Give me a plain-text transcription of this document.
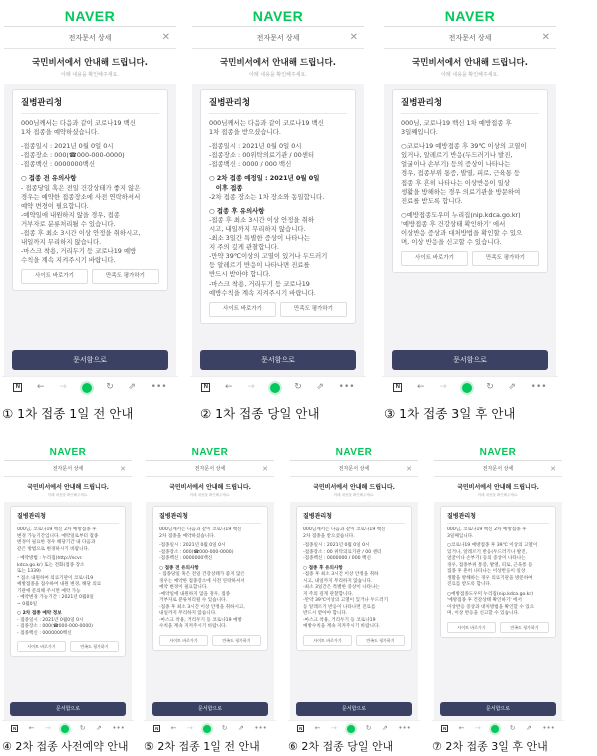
NAVER
전자문서 상세	✕
국민비서에서 안내해 드립니다.
아래 내용을 확인해주세요.
질병관리청
000님께서는 다음과 같이 코로나19 백신
1차 접종을 예약하셨습니다.
-접종일시 : 2021년 0월 0일 0시
-접종장소 : 000(☎000-000-0000)
-접종백신 : 0000000백신
○ 접종 전 유의사항
- 접종당일 혹은 전일 건강상태가 좋지 않은
경우는 예약한 접종장소에 사전 연락하셔서
예약 변경이 필요합니다.
-예약일에 내원하지 않을 경우, 접종
거부자로 분류처리될 수 있습니다.
-접종 후 최소 3시간 이상 안정을 취하시고,
내일까지 무리하지 않습니다.
-마스크 착용, 거리두기 등 코로나19 예방
수칙을 계속 지켜주시기 바랍니다.
사이트 바로가기	만족도 평가하기
문서함으로
N ← →	↻ ⇗ •••
① 1차 접종 1일 전 안내
NAVER
전자문서 상세	✕
국민비서에서 안내해 드립니다.
아래 내용을 확인해주세요.
질병관리청
000님께서는 다음과 같이 코로나19 백신
1차 접종을 받으셨습니다.
-접종일시 : 2021년 0월 0일 0시
-접종장소 : 00위탁의료기관 / 00센터
-접종백신 : 0000 / 000 백신
○ 2차 접종 예정일 : 2021년 0월 0일
이후 접종
-2차 접종 장소는 1차 장소와 동일합니다.
○ 접종 후 유의사항
-접종 후 최소 3시간 이상 안정을 취하
시고, 내일까지 무리하지 않습니다.
-최소 3일간 특별한 증상이 나타나는
지 주의 깊게 관찰합니다.
-만약 39℃이상의 고열이 있거나 두드러기
등 알레르기 반응이 나타나면 진료를
반드시 받아야 합니다.
-마스크 착용, 거리두기 등 코로나19
예방수칙을 계속 지켜주시기 바랍니다.
사이트 바로가기	만족도 평가하기
문서함으로
N ← →	↻ ⇗ •••
② 1차 접종 당일 안내
NAVER
전자문서 상세	✕
국민비서에서 안내해 드립니다.
아래 내용을 확인해주세요.
질병관리청
000님, 코로나19 백신 1차 예방접종 후
3일째입니다.
○코로나19 예방접종 후 39℃ 이상의 고열이
있거나, 알레르기 반응(두드러기나 발진,
얼굴이나 손부기) 등의 증상이 나타나는
경우, 접종부위 통증, 발열, 피로, 근육통 등
접종 후 흔히 나타나는 이상반응이 일상
생활을 방해하는 경우 의료기관을 방문하여
진료를 받도록 합니다.
○예방접종도우미 누리집(nip.kdca.go.kr)
'예방접종 후 건강상태 확인하기' 에서
이상반응 증상과 대처방법을 확인할 수 있으
며, 이상 반응을 신고할 수 있습니다.
사이트 바로가기	만족도 평가하기
문서함으로
N ← →	↻ ⇗ •••
③ 1차 접종 3일 후 안내
NAVER
전자문서 상세	✕
국민비서에서 안내해 드립니다.
아래 내용을 확인해주세요.
질병관리청
000님, 코로나19 백신 2차 예방접종 후
변경 가능기간입니다. 예약일로부터 접종
변경이 필요한 경우 해당기간 내 다음과
같은 방법으로 변경하시기 바랍니다.
- 예약방법 : 누리집(http://ncvr.
kdca.go.kr) 또는 전화(접종 장소
또는 1339)
* 접소 내원하여 의료기관이 코로나19
예방접종을 접수하여 내원 변경, 해당 의료
기관에 문의해 주시면 예약 가능
- 예약변경 가능기간 : 2021년 0월0일
~ 0월0일
○ 2차 접종 예약 정보
- 접종일시 : 2021년 0월0일 0시
- 접종장소 : 000(☎000-000-0000)
- 접종백신 : 0000000백신
사이트 바로가기	만족도 평가하기
문서함으로
N ← →	↻ ⇗ •••
④ 2차 접종 사전예약 안내
NAVER
전자문서 상세	✕
국민비서에서 안내해 드립니다.
아래 내용을 확인해주세요.
질병관리청
000님께서는 다음과 같이 코로나19 백신
2차 접종을 예약하셨습니다.
-접종일시 : 2021년 0월 0일 0시
-접종장소 : 000(☎000-000-0000)
-접종백신 : 0000000백신
○ 접종 전 유의사항
- 접종당일 혹은 전일 건강상태가 좋지 않은
경우는 예약한 접종장소에 사전 연락하셔서
예약 변경이 필요합니다.
-예약일에 내원하지 않을 경우, 접종
거부자로 분류처리될 수 있습니다.
-접종 후 최소 3시간 이상 안정을 취하시고,
내일까지 무리하지 않습니다.
-마스크 착용, 거리두기 등 코로나19 예방
수칙을 계속 지켜주시기 바랍니다.
사이트 바로가기	만족도 평가하기
문서함으로
N ← →	↻ ⇗ •••
⑤ 2차 접종 1일 전 안내
NAVER
전자문서 상세	✕
국민비서에서 안내해 드립니다.
아래 내용을 확인해주세요.
질병관리청
000님께서는 다음과 같이 코로나19 백신
2차 접종을 받으셨습니다.
-접종일시 : 2021년 0월 0일 0시
-접종장소 : 00 위탁의료기관 / 00 센터
-접종백신 : 0000000 / 000 백신
○ 접종 후 유의사항
-접종 후 최소 3시간 이상 안정을 취하
시고, 내일까지 무리하지 않습니다.
-최소 3일간은 특별한 증상이 나타나는
지 주의 깊게 관찰합니다.
-만약 39℃이상의 고열이 있거나 두드러기
등 알레르기 반응이 나타나면 진료를
반드시 받아야 합니다.
-마스크 착용, 거리두기 등 코로나19
예방수칙을 계속 지켜주시기 바랍니다.
사이트 바로가기	만족도 평가하기
문서함으로
N ← →	↻ ⇗ •••
⑥ 2차 접종 당일 안내
NAVER
전자문서 상세	✕
국민비서에서 안내해 드립니다.
아래 내용을 확인해주세요.
질병관리청
000님, 코로나19 백신 2차 예방접종 후
3일째입니다.
○코로나19 예방접종 후 39℃ 이상의 고열이
있거나, 알레르기 반응(두드러기나 발진,
얼굴이나 손부기) 등의 증상이 나타나는
경우, 접종부위 통증, 발열, 피로, 근육통 등
접종 후 흔히 나타나는 이상반응이 일상
생활을 방해하는 경우 의료기관을 방문하여
진료를 받도록 합니다.
○예방접종도우미 누리집(nip.kdca.go.kr)
'예방접종 후 건강상태 확인하기' 에서
이상반응 증상과 대처방법을 확인할 수 있으
며, 이상 반응을 신고할 수 있습니다.
사이트 바로가기	만족도 평가하기
문서함으로
N ← →	↻ ⇗ •••
⑦ 2차 접종 3일 후 안내
